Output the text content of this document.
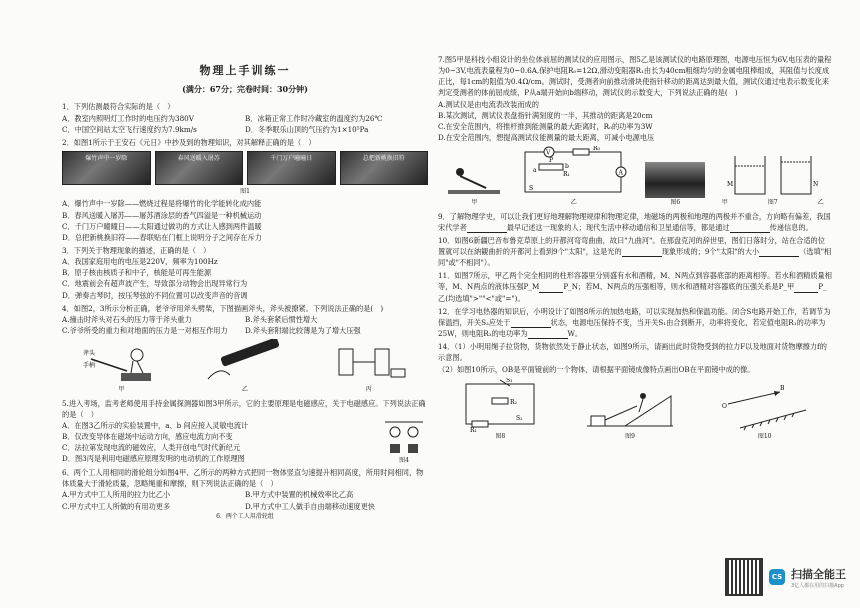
物理上手训练一
(满分：67分；完卷时间：30分钟)

1．下列估测最符合实际的是（　）

A．教室内照明灯工作时的电压约为380V	B．冰箱正常工作时冷藏室的温度约为26℃
C．中国空间站太空飞行速度约为7.9km/s	D．冬季眠乐山顶的气压约为1×10⁵Pa

2．如图1所示于王安石《元日》中抄及到的物理知识，对其解释正确的是（　）

爆竹声中一岁除	春风送暖入屠苏	千门万户曈曈日	总把新桃换旧符
图1

A．爆竹声中一岁除——燃烧过程是将爆竹的化学能转化成内能

B．春风送暖入屠苏——屠苏酒涂层的香气四溢是一种机械运动

C．千门万户曈曈日——太阳通过做功的方式让人感到两件温暖

D．总把新桃换旧符——春联贴在门框上说明分子之间存在斥力

3．下列关于物理现象的描述，正确的是（　）

A．我国家庭用电的电压是220V，频率为100Hz

B．原子核由核质子和中子，核能是可再生能源

C．地震前会有超声波产生，导致部分动物会出现异常行为

D．弹奏古琴时，按压琴弦的不同位置可以改变声音的音调

4．如图2，3所示分析正确，老爷爷用斧头劈柴，下图描画斧头，斧头被撩紧。下列说法正确的是(　)

A.撞击时斧头对石头的压力等于斧头重力	B.斧头套紧后惯性增大
C.爷爷所受的重力和对地面的压力是一对相互作用力	D.斧头套附端比较薄是为了增大压强
斧头
手柄
甲	乙	丙

5.进入考场，监考老师使用手持金属探测器如图3甲所示，它的主要原理是电磁感应，关于电磁感应。下列说法正确的是（　）

A．在图3乙所示的实验装置中，a、b 间应接入灵敏电流计

B．仅改变导体在磁场中运动方向，感应电流方向不变

C．法拉第发现电流的磁效应，人类开创电气时代新纪元

D．图3丙是利用电磁感应原理发明的电动机的工作原理图	图4

6．两个工人用相同的滑轮组分如图4甲、乙所示的两种方式把同一物体竖直匀速提升相同高度，所用时间相同，物体质量大于滑轮质量，忽略绳重和摩擦，则下列说法正确的是（　）

A.甲方式中工人所用的拉力比乙小	B.甲方式中装置的机械效率比乙高
C.甲方式中工人所做的有用功更多	D.甲方式中工人做手自由端移动速度更快

6．两个工人用滑轮组

7.图5甲是科技小组设计的坐位体前屈的测试仪的应用图示，图5乙是该测试仪的电路原理图，电源电压恒为6V,电压表的量程为0~3V,电流表量程为0~0.6A,保护电阻R₀=12Ω,滑动变阻器R₁由长为40cm粗细均匀的金属电阻棒组成，其阻值与长度成正比，每1cm的阻值为0.4Ω/cm。测试时，受测者向前推动滑块使指针移动的距离达到最大值，测试仪通过电表示数变化来判定受测者的体前屈成绩，P从a端开始向b端移动，测试仪的示数变大，下列说法正确的是(　)

A.测试仪是由电流表改装而成的

B.某次测试，测试仪表盘指针满刻度的一半，其推动的距离是20cm

C.在安全范围内，将推杆推到能测量的最大距离时，R₀的功率为3W

D.在安全范围内，想提高测试仪能测量的最大距离，可减小电源电压

甲
V
R₀
R₁	A
S
P
a
b
乙	图6
M	N
甲	图7	乙

9．了解物理学史，可以让我们更好地理解物理规律和物理定律，地磁场的两极和地理的两极并不重合，方向略有偏差，我国宋代学者	最早记述这一现象的人；现代生活中移动通信和卫星通信等，都是通过	传递信息的。

10．如图6新疆巴音布鲁克草原上的开都河弯弯曲曲，故曰"九曲河"。在那盘克河的辞世里，图们日落时分，站在合适的位置就可以在納観曲折的开都河上看到9个"太阳"，这是光的	现象形成的；9个"太阳"的大小	（选填"相同"或"不相同"）。

11．如图7所示，甲乙两个完全相同的柱形容器里分别盛有水和酒精，M、N两点到容器底部的距离相等。若水和酒精质量相等，M、N两点的液体压强P_M	P_N；若M、N两点的压强相等，则水和酒精对容器底的压强关系是P_甲	P_乙(均选填">""<"或"=")。

12．在学习电热器的知识后，小明设计了如图8所示的加热电路，可以实现加热和保温功能。闭合S电路开始工作，若调节为保温挡，开关S₂应处于	状态，电源电压保持不变，当开关S₁由合到断开，功率将变化，若定值电阻R₁的功率为25W，则电阻R₂的电功率为	W。

14．（1）小明用绳子拉货物，货物依然处于静止状态，如图9所示，请画出此时货物受到的拉力F以及地面对货物摩擦力f的示意图。

（2）如图10所示，OB是平面镜前的一个物体，请根据平面镜成像特点画出OB在平面镜中成的像。

S₁
R₂
R₁
S₂
图8	图9
O
B
图10
CS 扫描全能王
3亿人都在用的扫描App
